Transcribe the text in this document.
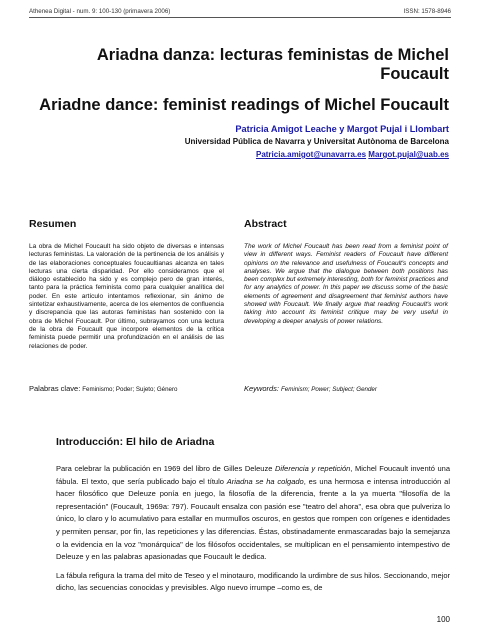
Athenea Digital - num. 9: 100-130 (primavera 2006)	ISSN: 1578-8946
Ariadna danza: lecturas feministas de Michel Foucault
Ariadne dance: feminist readings of Michel Foucault
Patricia Amigot Leache y Margot Pujal i Llombart
Universidad Pública de Navarra y Universitat Autònoma de Barcelona
Patricia.amigot@unavarra.es Margot.pujal@uab.es
Resumen	Abstract
La obra de Michel Foucault ha sido objeto de diversas e intensas lecturas feministas. La valoración de la pertinencia de los análisis y de las elaboraciones conceptuales foucaultianas alcanza en tales lecturas una cierta disparidad. Por ello consideramos que el diálogo establecido ha sido y es complejo pero de gran interés, tanto para la práctica feminista como para cualquier analítica del poder. En este artículo intentamos reflexionar, sin ánimo de sintetizar exhaustivamente, acerca de los elementos de confluencia y discrepancia que las autoras feministas han sostenido con la obra de Michel Foucault. Por último, subrayamos con una lectura de la obra de Foucault que incorpore elementos de la crítica feminista puede permitir una profundización en el análisis de las relaciones de poder.
The work of Michel Foucault has been read from a feminist point of view in different ways. Feminist readers of Foucault have different opinions on the relevance and usefulness of Foucault's concepts and analyses. We argue that the dialogue between both positions has been complex but extremely interesting, both for feminist practices and for any analytics of power. In this paper we discuss some of the basic elements of agreement and disagreement that feminist authors have showed with Foucault. We finally argue that reading Foucault's work taking into account its feminist critique may be very useful in developing a deeper analysis of power relations.
Palabras clave: Feminismo; Poder; Sujeto; Género	Keywords: Feminism; Power; Subject; Gender
Introducción: El hilo de Ariadna

Para celebrar la publicación en 1969 del libro de Gilles Deleuze Diferencia y repetición, Michel Foucault inventó una fábula. El texto, que sería publicado bajo el título Ariadna se ha colgado, es una hermosa e intensa introducción al hacer filosófico que Deleuze ponía en juego, la filosofía de la diferencia, frente a la ya muerta "filosofía de la representación" (Foucault, 1969a: 797). Foucault ensalza con pasión ese "teatro del ahora", esa obra que pulveriza lo único, lo claro y lo acumulativo para estallar en murmullos oscuros, en gestos que rompen con orígenes e identidades y permiten pensar, por fin, las repeticiones y las diferencias. Éstas, obstinadamente enmascaradas bajo la semejanza o la evidencia en la voz "monárquica" de los filósofos occidentales, se multiplican en el pensamiento intempestivo de Deleuze y en las palabras apasionadas que Foucault le dedica.

La fábula refigura la trama del mito de Teseo y el minotauro, modificando la urdimbre de sus hilos. Seccionando, mejor dicho, las secuencias conocidas y previsibles. Algo nuevo irrumpe –como es, de

100
